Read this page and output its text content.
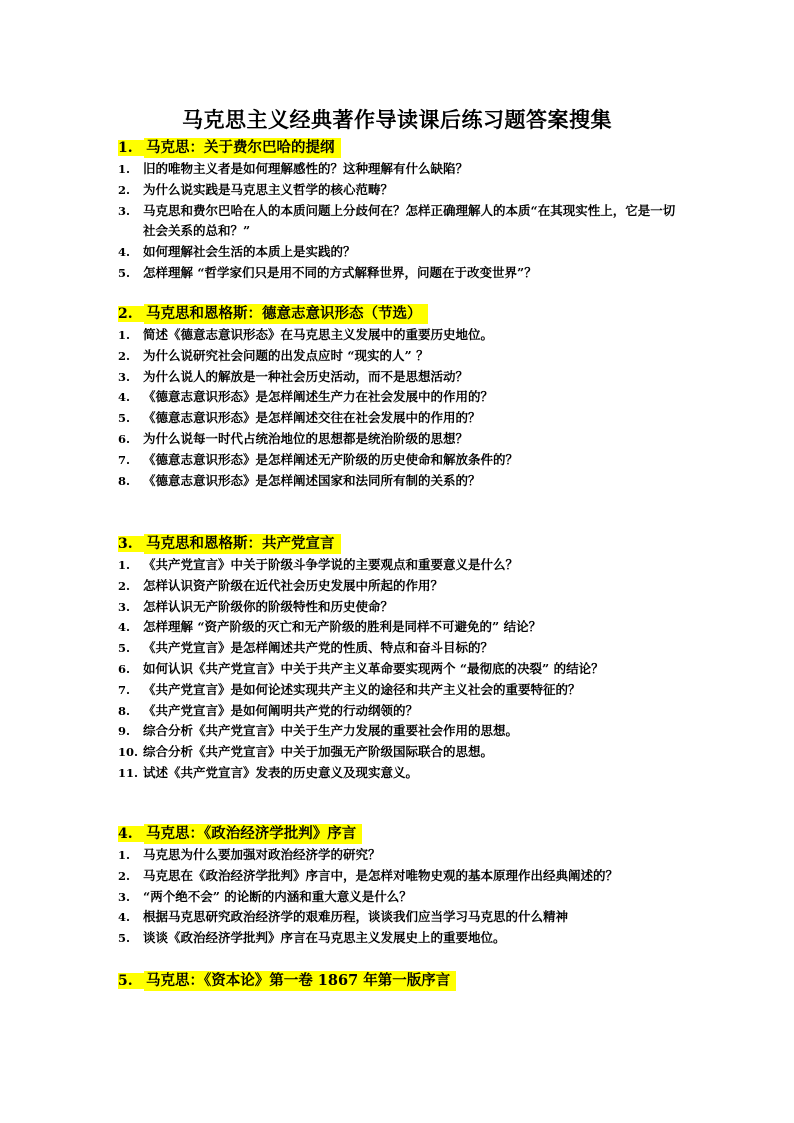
马克思主义经典著作导读课后练习题答案搜集
1. 马克思：关于费尔巴哈的提纲
1.	旧的唯物主义者是如何理解感性的？这种理解有什么缺陷？
2.	为什么说实践是马克思主义哲学的核心范畴？
3.	马克思和费尔巴哈在人的本质问题上分歧何在？怎样正确理解人的本质“在其现实性上，它是一切社会关系的总和？”
4.	如何理解社会生活的本质上是实践的？
5.	怎样理解 “哲学家们只是用不同的方式解释世界，问题在于改变世界”？
2. 马克思和恩格斯：德意志意识形态（节选）
1.	简述《德意志意识形态》在马克思主义发展中的重要历史地位。
2.	为什么说研究社会问题的出发点应时 “现实的人” ？
3.	为什么说人的解放是一种社会历史活动，而不是思想活动？
4.	《德意志意识形态》是怎样阐述生产力在社会发展中的作用的？
5.	《德意志意识形态》是怎样阐述交往在社会发展中的作用的？
6.	为什么说每一时代占统治地位的思想都是统治阶级的思想？
7.	《德意志意识形态》是怎样阐述无产阶级的历史使命和解放条件的？
8.	《德意志意识形态》是怎样阐述国家和法同所有制的关系的？
3. 马克思和恩格斯：共产党宣言
1.	《共产党宣言》中关于阶级斗争学说的主要观点和重要意义是什么？
2.	怎样认识资产阶级在近代社会历史发展中所起的作用？
3.	怎样认识无产阶级你的阶级特性和历史使命？
4.	怎样理解 “资产阶级的灭亡和无产阶级的胜利是同样不可避免的” 结论？
5.	《共产党宣言》是怎样阐述共产党的性质、特点和奋斗目标的？
6.	如何认识《共产党宣言》中关于共产主义革命要实现两个 “最彻底的决裂” 的结论？
7.	《共产党宣言》是如何论述实现共产主义的途径和共产主义社会的重要特征的？
8.	《共产党宣言》是如何阐明共产党的行动纲领的？
9.	综合分析《共产党宣言》中关于生产力发展的重要社会作用的思想。
10. 综合分析《共产党宣言》中关于加强无产阶级国际联合的思想。
11. 试述《共产党宣言》发表的历史意义及现实意义。
4. 马克思：《政治经济学批判》序言
1.	马克思为什么要加强对政治经济学的研究？
2.	马克思在《政治经济学批判》序言中，是怎样对唯物史观的基本原理作出经典阐述的？
3.	“两个绝不会” 的论断的内涵和重大意义是什么？
4.	根据马克思研究政治经济学的艰难历程，谈谈我们应当学习马克思的什么精神
5.	谈谈《政治经济学批判》序言在马克思主义发展史上的重要地位。
5. 马克思：《资本论》第一卷 1867 年第一版序言
